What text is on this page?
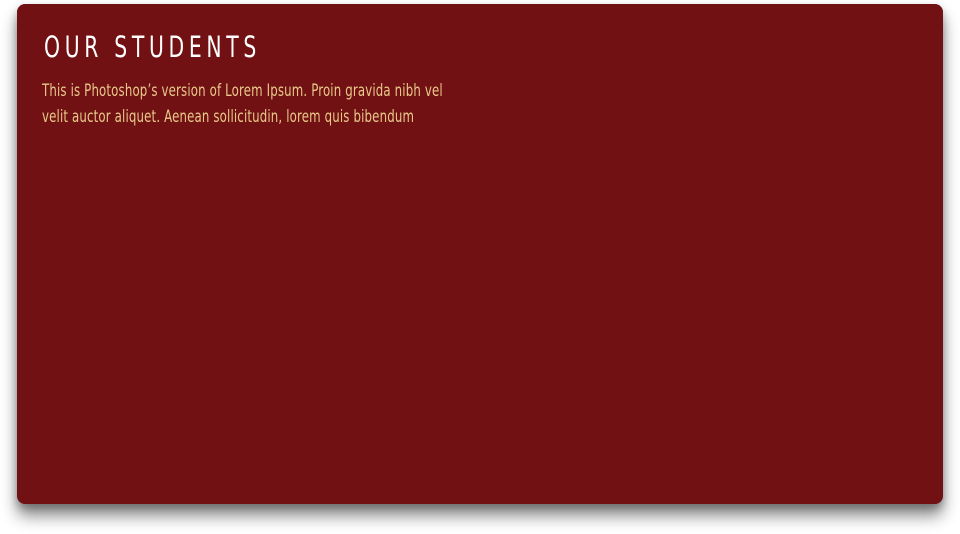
OUR STUDENTS

This is Photoshop’s version of Lorem Ipsum. Proin gravida nibh vel
velit auctor aliquet. Aenean sollicitudin, lorem quis bibendum
